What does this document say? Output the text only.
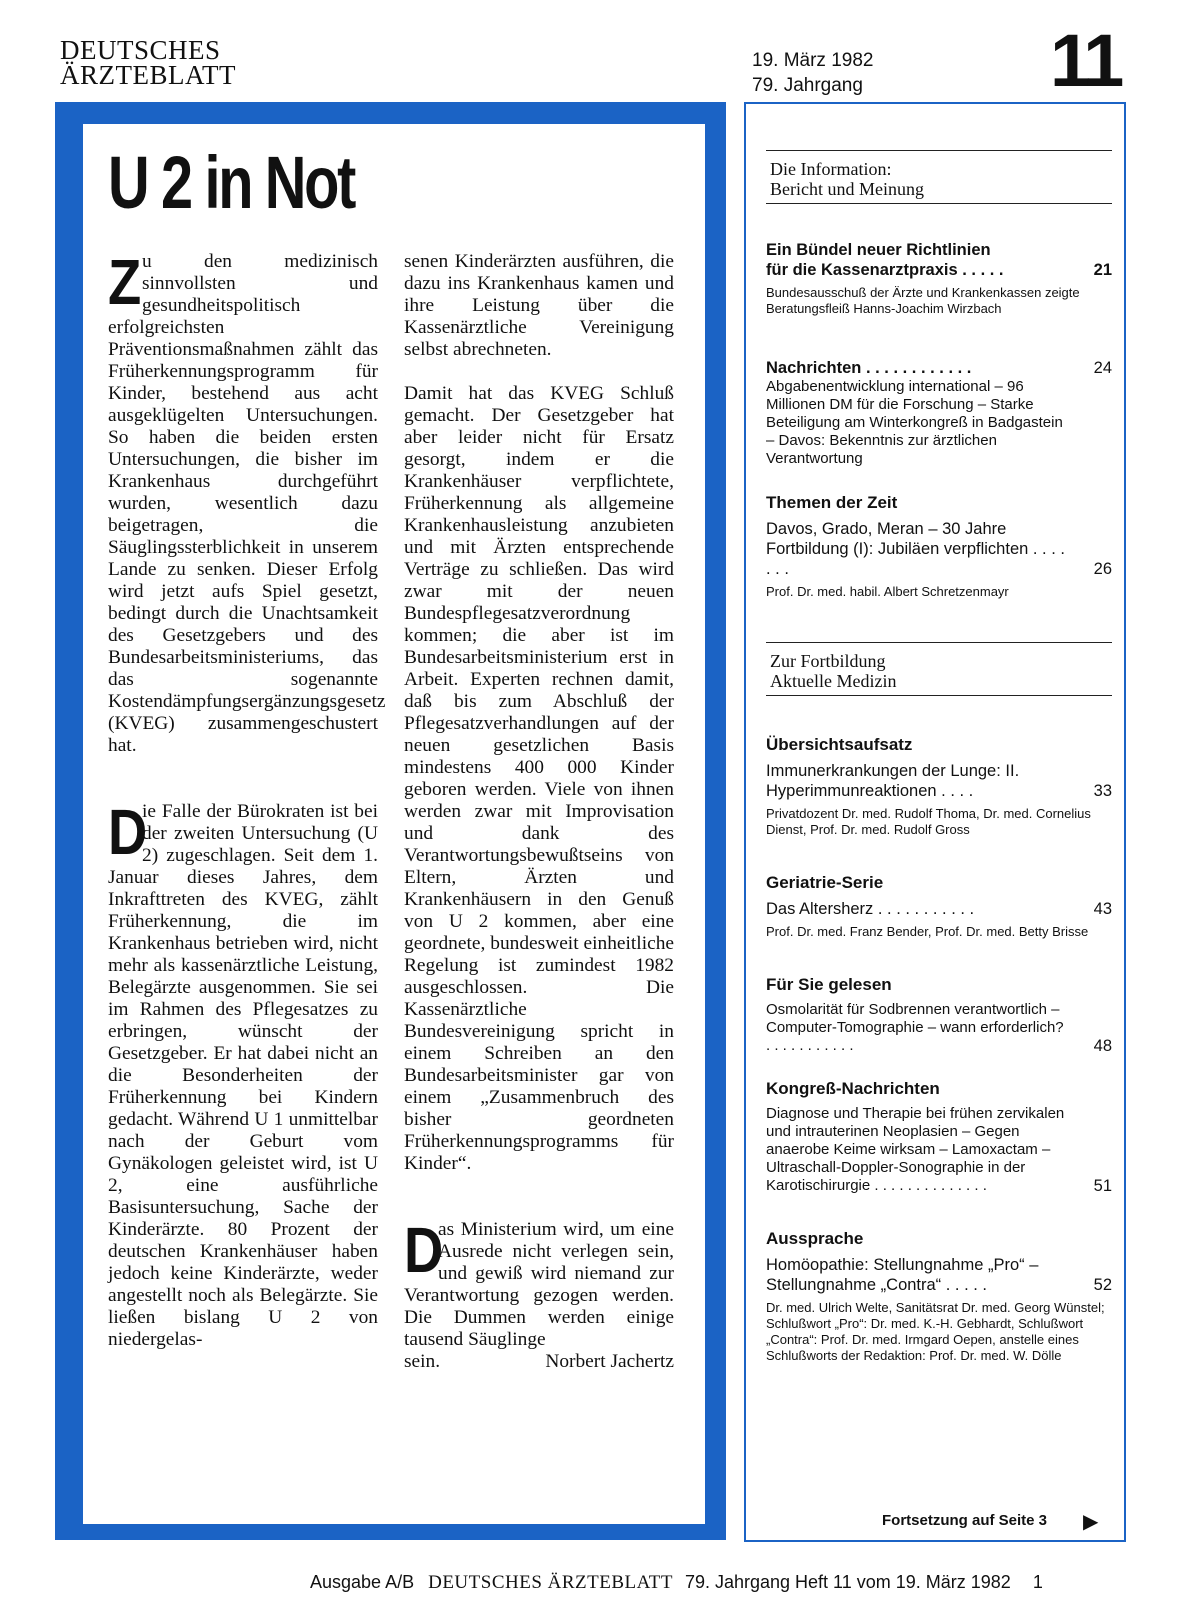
DEUTSCHES
ÄRZTEBLATT	19. März 1982
79. Jahrgang	11
U 2 in Not

Zu den medizinisch sinnvollsten und gesundheitspolitisch erfolgreichsten Präventionsmaßnahmen zählt das Früherkennungsprogramm für Kinder, bestehend aus acht ausgeklügelten Untersuchungen. So haben die beiden ersten Untersuchungen, die bisher im Krankenhaus durchgeführt wurden, wesentlich dazu beigetragen, die Säuglingssterblichkeit in unserem Lande zu senken. Dieser Erfolg wird jetzt aufs Spiel gesetzt, bedingt durch die Unachtsamkeit des Gesetzgebers und des Bundesarbeitsministeriums, das das sogenannte Kostendämpfungsergänzungsgesetz (KVEG) zusammengeschustert hat.

D
ie Falle der Bürokraten ist bei der zweiten Untersuchung (U 2) zugeschlagen. Seit dem 1. Januar dieses Jahres, dem Inkrafttreten des KVEG, zählt Früherkennung, die im Krankenhaus betrieben wird, nicht mehr als kassenärztliche Leistung, Belegärzte ausgenommen. Sie sei im Rahmen des Pflegesatzes zu erbringen, wünscht der Gesetzgeber. Er hat dabei nicht an die Besonderheiten der Früherkennung bei Kindern gedacht. Während U 1 unmittelbar nach der Geburt vom Gynäkologen geleistet wird, ist U 2, eine ausführliche Basisuntersuchung, Sache der Kinderärzte. 80 Prozent der deutschen Krankenhäuser haben jedoch keine Kinderärzte, weder angestellt noch als Belegärzte. Sie ließen bislang U 2 von niedergelas-

senen Kinderärzten ausführen, die dazu ins Krankenhaus kamen und ihre Leistung über die Kassenärztliche Vereinigung selbst abrechneten.

Damit hat das KVEG Schluß gemacht. Der Gesetzgeber hat aber leider nicht für Ersatz gesorgt, indem er die Krankenhäuser verpflichtete, Früherkennung als allgemeine Krankenhausleistung anzubieten und mit Ärzten entsprechende Verträge zu schließen. Das wird zwar mit der neuen Bundespflegesatzverordnung kommen; die aber ist im Bundesarbeitsministerium erst in Arbeit. Experten rechnen damit, daß bis zum Abschluß der Pflegesatzverhandlungen auf der neuen gesetzlichen Basis mindestens 400 000 Kinder geboren werden. Viele von ihnen werden zwar mit Improvisation und dank des Verantwortungsbewußtseins von Eltern, Ärzten und Krankenhäusern in den Genuß von U 2 kommen, aber eine geordnete, bundesweit einheitliche Regelung ist zumindest 1982 ausgeschlossen. Die Kassenärztliche Bundesvereinigung spricht in einem Schreiben an den Bundesarbeitsminister gar von einem „Zusammenbruch des bisher geordneten Früherkennungsprogramms für Kinder“.

D
as Ministerium wird, um eine Ausrede nicht verlegen sein, und gewiß wird niemand zur Verantwortung gezogen werden. Die Dummen werden einige tausend Säuglinge

sein.	Norbert Jachertz
Die Information:
Bericht und Meinung
Ein Bündel neuer Richtlinien
für die Kassenarztpraxis . . . . .	21
Bundesausschuß der Ärzte und Krankenkassen zeigte Beratungsfleiß Hanns-Joachim Wirzbach
Nachrichten . . . . . . . . . . . .	24
Abgabenentwicklung international – 96 Millionen DM für die Forschung – Starke Beteiligung am Winterkongreß in Badgastein – Davos: Bekenntnis zur ärztlichen Verantwortung
Themen der Zeit
Davos, Grado, Meran – 30 Jahre Fortbildung (I): Jubiläen verpflichten . . . . . . .	26
Prof. Dr. med. habil. Albert Schretzenmayr
Zur Fortbildung
Aktuelle Medizin
Übersichtsaufsatz
Immunerkrankungen der Lunge: II. Hyperimmunreaktionen . . . .	33
Privatdozent Dr. med. Rudolf Thoma, Dr. med. Cornelius Dienst, Prof. Dr. med. Rudolf Gross
Geriatrie-Serie
Das Altersherz . . . . . . . . . . .	43
Prof. Dr. med. Franz Bender, Prof. Dr. med. Betty Brisse
Für Sie gelesen
Osmolarität für Sodbrennen verantwortlich – Computer-Tomographie – wann erforderlich? . . . . . . . . . . .	48
Kongreß-Nachrichten
Diagnose und Therapie bei frühen zervikalen und intrauterinen Neoplasien – Gegen anaerobe Keime wirksam – Lamoxactam – Ultraschall-Doppler-Sonographie in der Karotischirurgie . . . . . . . . . . . . . .	51
Aussprache
Homöopathie: Stellungnahme „Pro“ – Stellungnahme „Contra“ . . . . .	52
Dr. med. Ulrich Welte, Sanitätsrat Dr. med. Georg Wünstel; Schlußwort „Pro“: Dr. med. K.-H. Gebhardt, Schlußwort „Contra“: Prof. Dr. med. Irmgard Oepen, anstelle eines Schlußworts der Redaktion: Prof. Dr. med. W. Dölle
Fortsetzung auf Seite 3 ▶
Ausgabe A/B DEUTSCHES ÄRZTEBLATT 79. Jahrgang Heft 11 vom 19. März 1982 1
